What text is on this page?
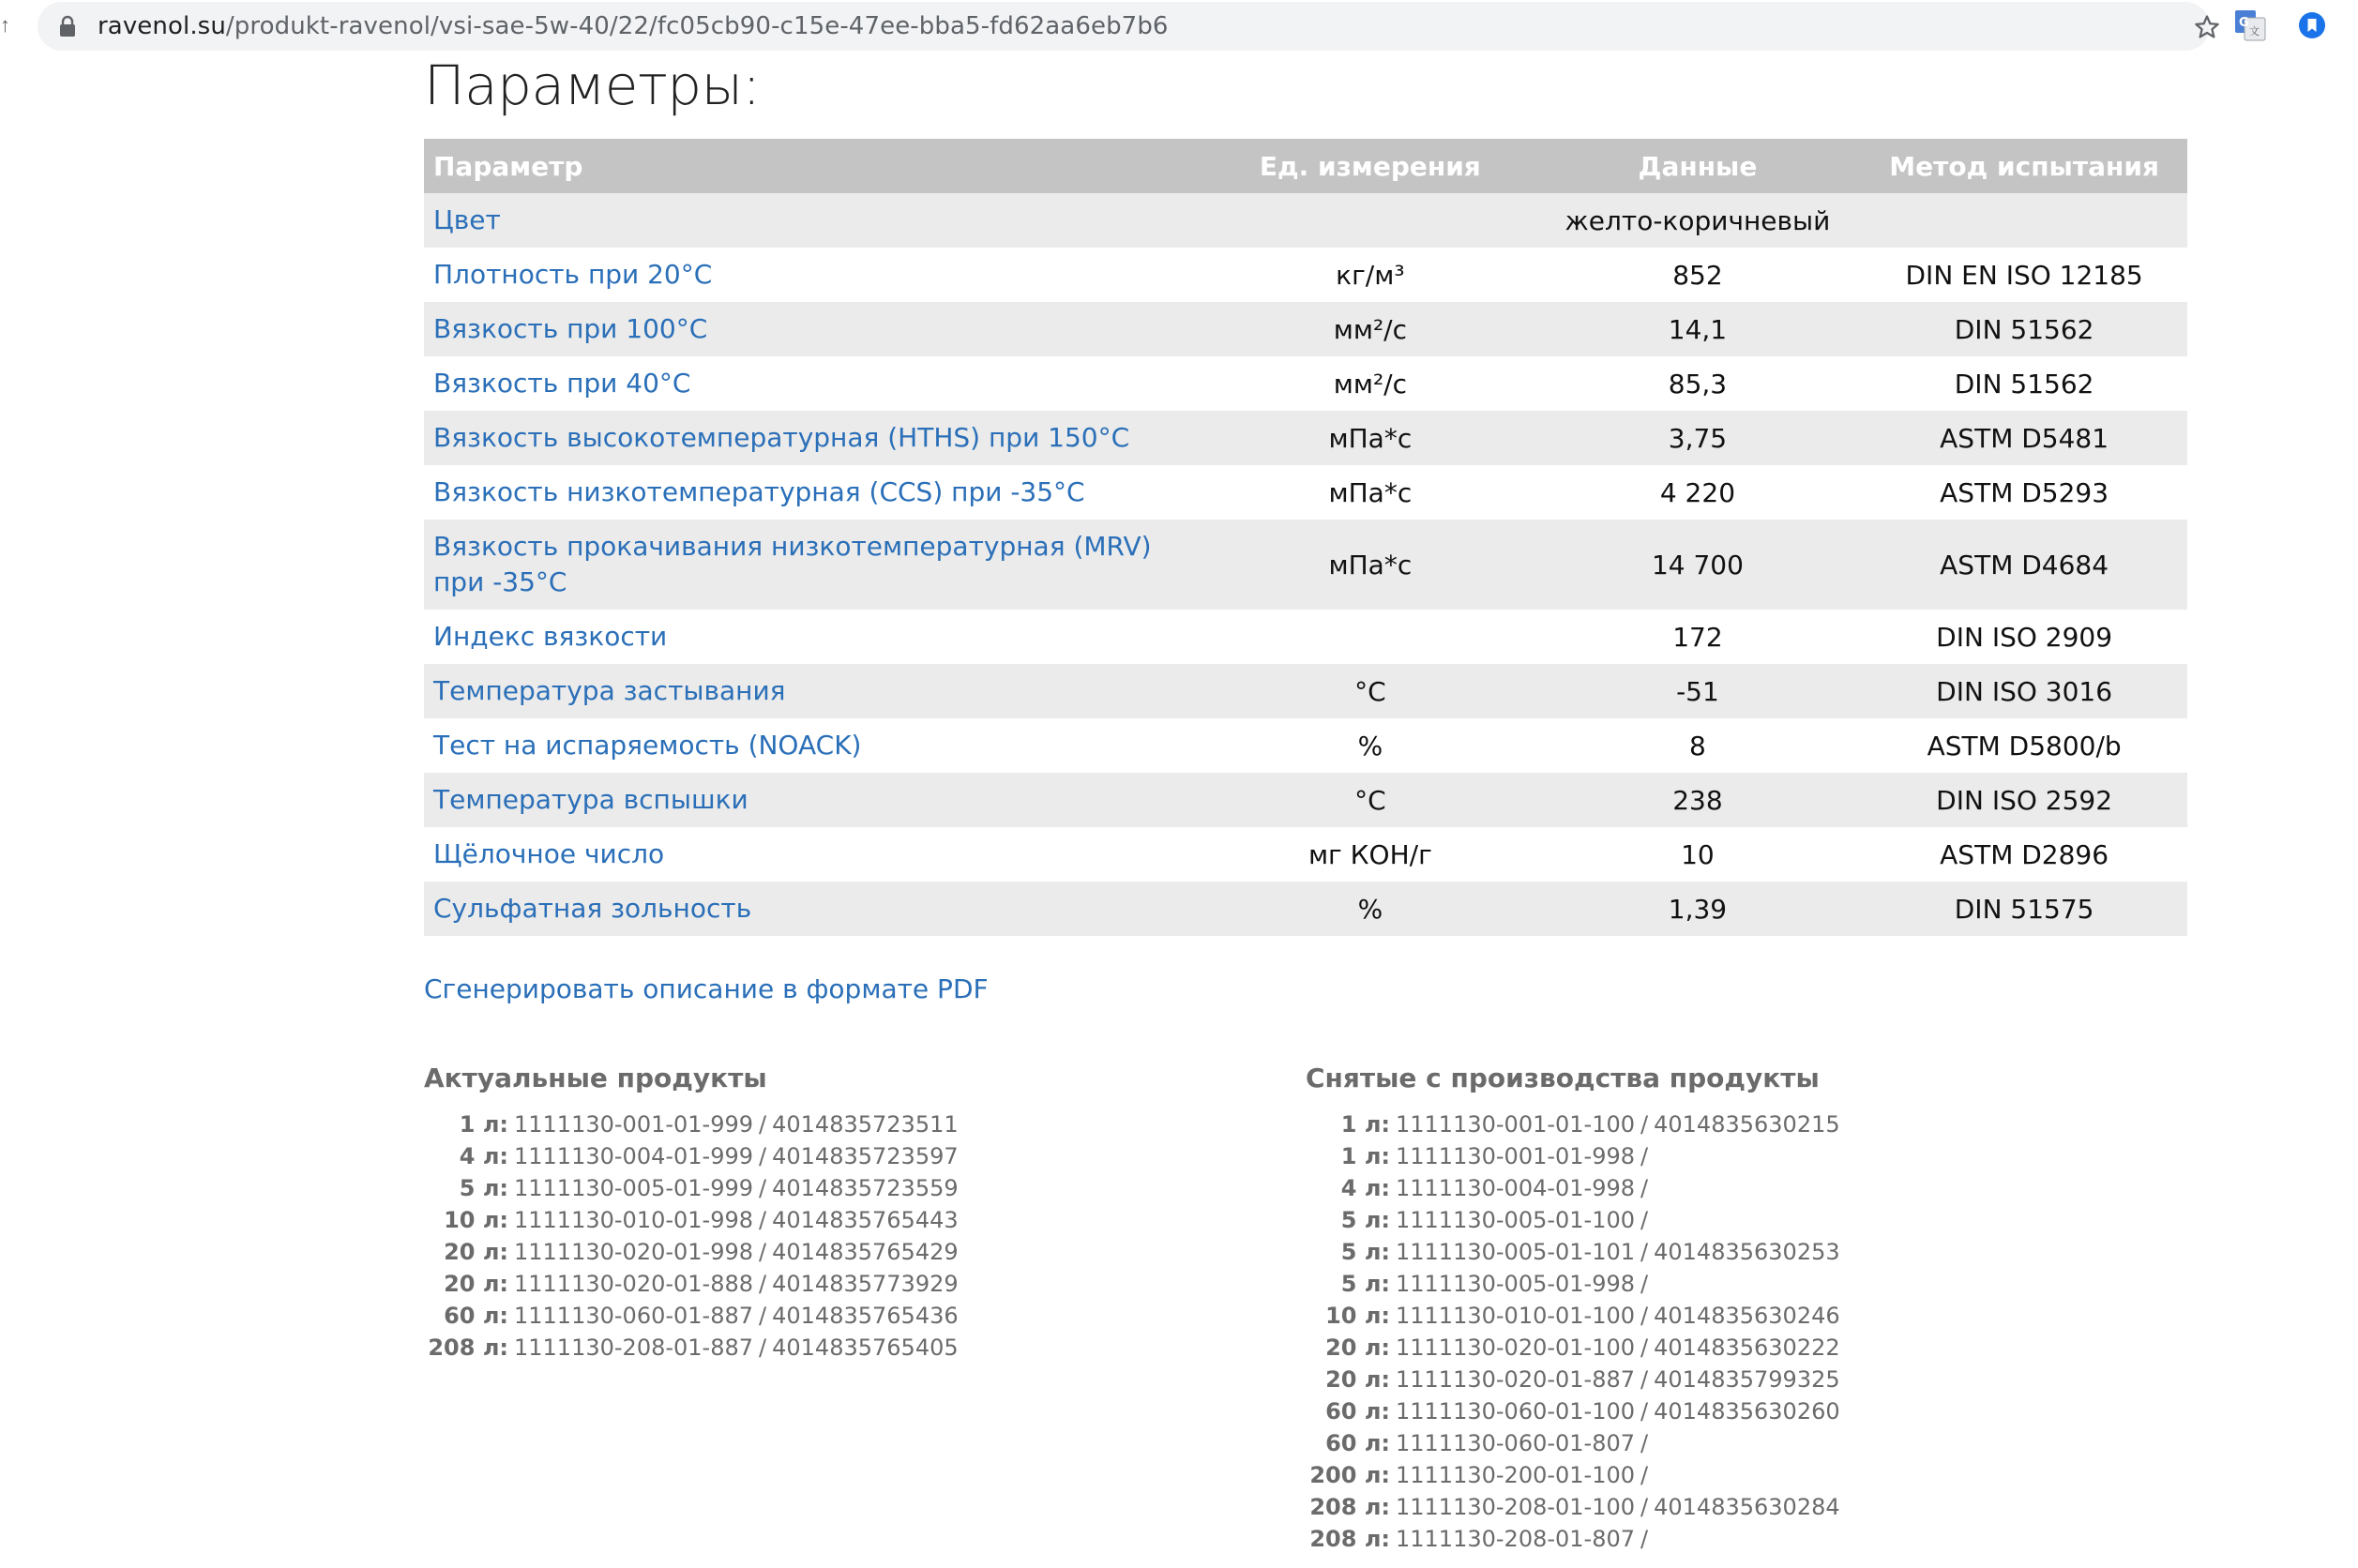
↑	ravenol.su/produkt-ravenol/vsi-sae-5w-40/22/fc05cb90-c15e-47ee-bba5-fd62aa6eb7b6	G
文
Параметры:
Параметр	Ед. измерения	Данные	Метод испытания
Цвет		желто-коричневый	
Плотность при 20°C	кг/м³	852	DIN EN ISO 12185
Вязкость при 100°C	мм²/с	14,1	DIN 51562
Вязкость при 40°C	мм²/с	85,3	DIN 51562
Вязкость высокотемпературная (HTHS) при 150°C	мПа*с	3,75	ASTM D5481
Вязкость низкотемпературная (CCS) при -35°C	мПа*с	4 220	ASTM D5293
Вязкость прокачивания низкотемпературная (MRV) при -35°C	мПа*с	14 700	ASTM D4684
Индекс вязкости		172	DIN ISO 2909
Температура застывания	°C	-51	DIN ISO 3016
Тест на испаряемость (NOACK)	%	8	ASTM D5800/b
Температура вспышки	°C	238	DIN ISO 2592
Щёлочное число	мг КОН/г	10	ASTM D2896
Сульфатная зольность	%	1,39	DIN 51575
Сгенерировать описание в формате PDF
Актуальные продукты
1 л: 1111130-001-01-999 / 4014835723511
4 л: 1111130-004-01-999 / 4014835723597
5 л: 1111130-005-01-999 / 4014835723559
10 л: 1111130-010-01-998 / 4014835765443
20 л: 1111130-020-01-998 / 4014835765429
20 л: 1111130-020-01-888 / 4014835773929
60 л: 1111130-060-01-887 / 4014835765436
208 л: 1111130-208-01-887 / 4014835765405
Снятые с производства продукты
1 л: 1111130-001-01-100 / 4014835630215
1 л: 1111130-001-01-998 /
4 л: 1111130-004-01-998 /
5 л: 1111130-005-01-100 /
5 л: 1111130-005-01-101 / 4014835630253
5 л: 1111130-005-01-998 /
10 л: 1111130-010-01-100 / 4014835630246
20 л: 1111130-020-01-100 / 4014835630222
20 л: 1111130-020-01-887 / 4014835799325
60 л: 1111130-060-01-100 / 4014835630260
60 л: 1111130-060-01-807 /
200 л: 1111130-200-01-100 /
208 л: 1111130-208-01-100 / 4014835630284
208 л: 1111130-208-01-807 /
